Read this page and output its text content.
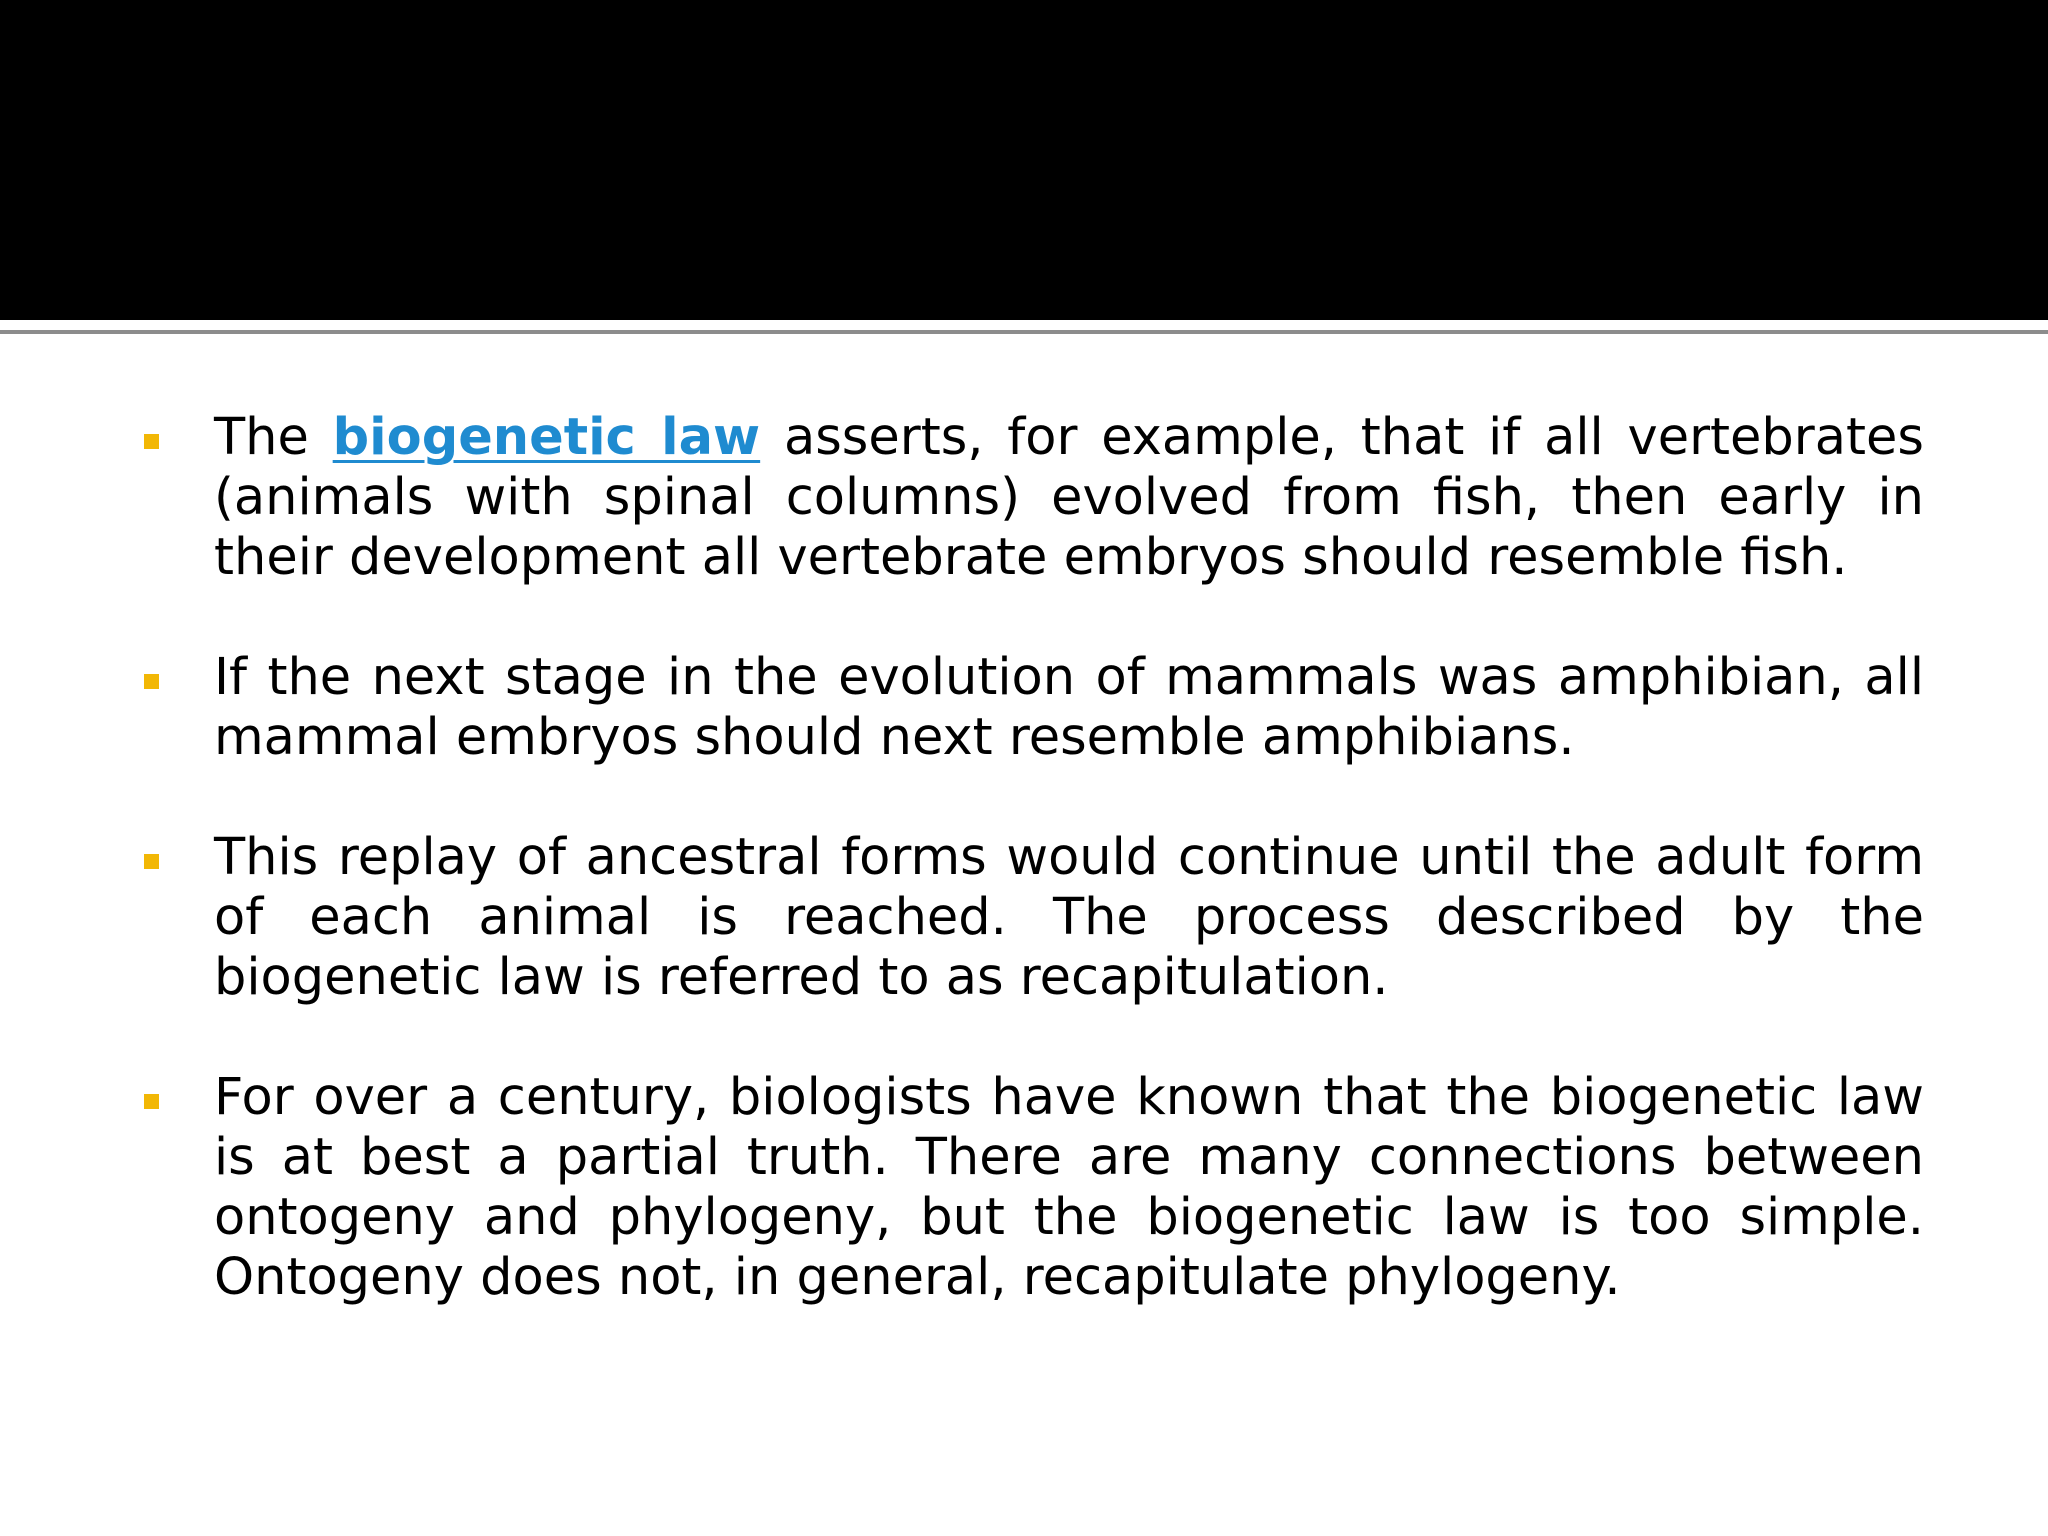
The biogenetic law asserts, for example, that if all vertebrates (animals with spinal columns) evolved from fish, then early in their development all vertebrate embryos should resemble fish.

If the next stage in the evolution of mammals was amphibian, all mammal embryos should next resemble amphibians.

This replay of ancestral forms would continue until the adult form of each animal is reached. The process described by the biogenetic law is referred to as recapitulation.

For over a century, biologists have known that the biogenetic law is at best a partial truth. There are many connections between ontogeny and phylogeny, but the biogenetic law is too simple. Ontogeny does not, in general, recapitulate phylogeny.
